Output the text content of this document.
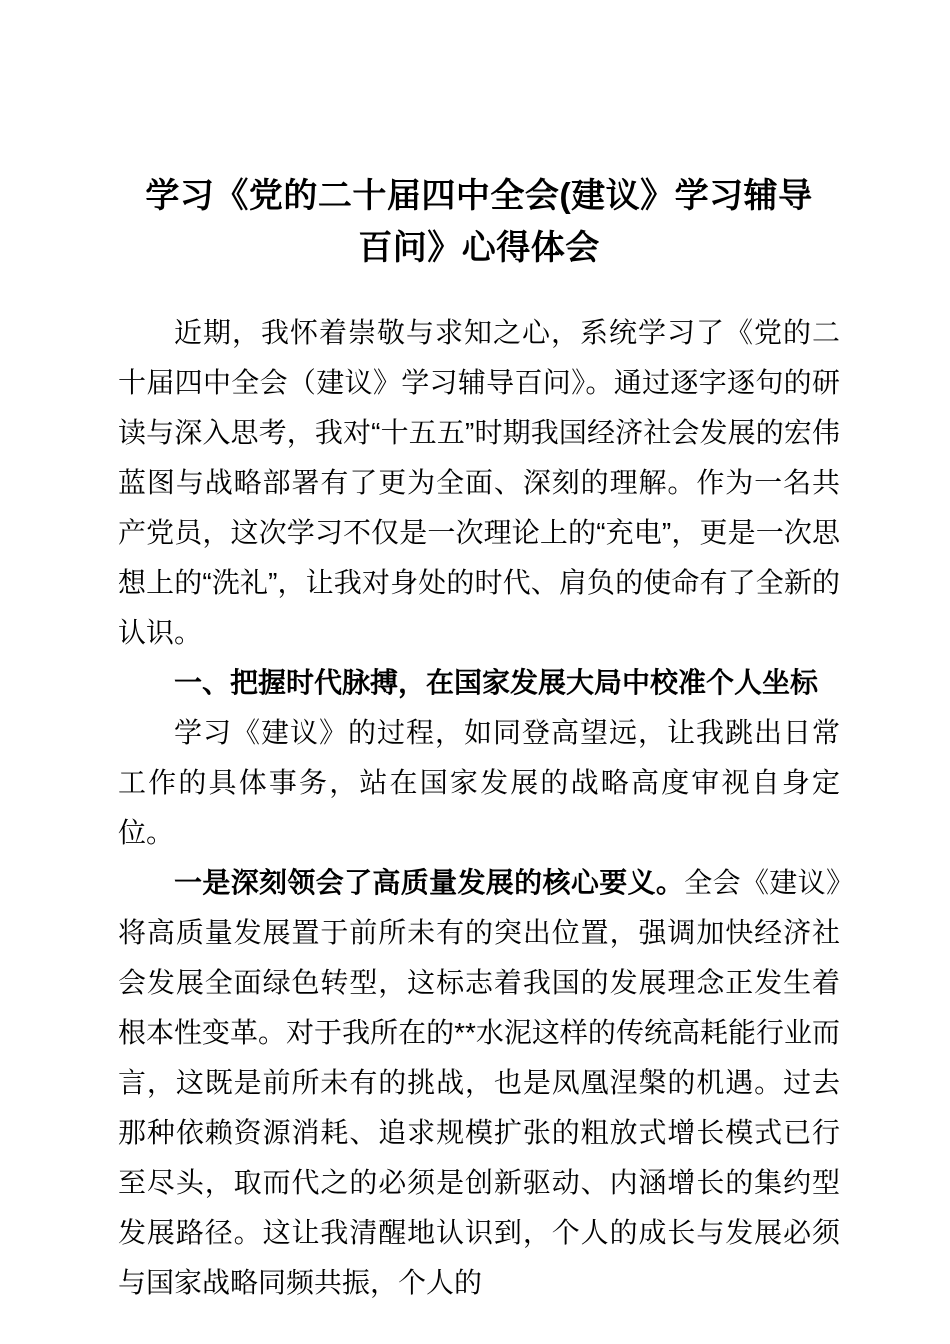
学习《党的二十届四中全会(建议》学习辅导
百问》心得体会

近期，我怀着崇敬与求知之心，系统学习了《党的二十届四中全会（建议》学习辅导百问》。通过逐字逐句的研读与深入思考，我对“十五五”时期我国经济社会发展的宏伟蓝图与战略部署有了更为全面、深刻的理解。作为一名共产党员，这次学习不仅是一次理论上的“充电”，更是一次思想上的“洗礼”，让我对身处的时代、肩负的使命有了全新的认识。

一、把握时代脉搏，在国家发展大局中校准个人坐标

学习《建议》的过程，如同登高望远，让我跳出日常工作的具体事务，站在国家发展的战略高度审视自身定位。

一是深刻领会了高质量发展的核心要义。全会《建议》将高质量发展置于前所未有的突出位置，强调加快经济社会发展全面绿色转型，这标志着我国的发展理念正发生着根本性变革。对于我所在的**水泥这样的传统高耗能行业而言，这既是前所未有的挑战，也是凤凰涅槃的机遇。过去那种依赖资源消耗、追求规模扩张的粗放式增长模式已行至尽头，取而代之的必须是创新驱动、内涵增长的集约型发展路径。这让我清醒地认识到，个人的成长与发展必须与国家战略同频共振，个人的
